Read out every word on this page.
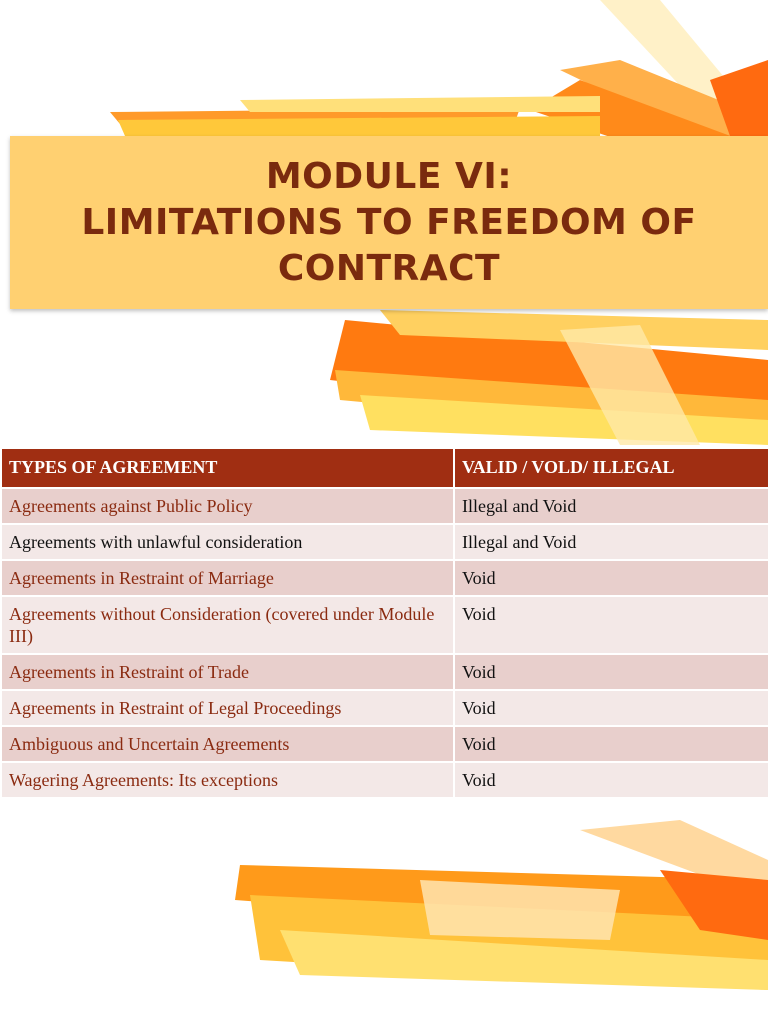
MODULE VI:
LIMITATIONS TO FREEDOM OF
CONTRACT
TYPES OF AGREEMENT	VALID / VOLD/ ILLEGAL
Agreements against Public Policy	Illegal and Void
Agreements with unlawful consideration	Illegal and Void
Agreements in Restraint of Marriage	Void
Agreements without Consideration (covered under Module III)	Void
Agreements in Restraint of Trade	Void
Agreements in Restraint of Legal Proceedings	Void
Ambiguous and Uncertain Agreements	Void
Wagering Agreements: Its exceptions	Void
